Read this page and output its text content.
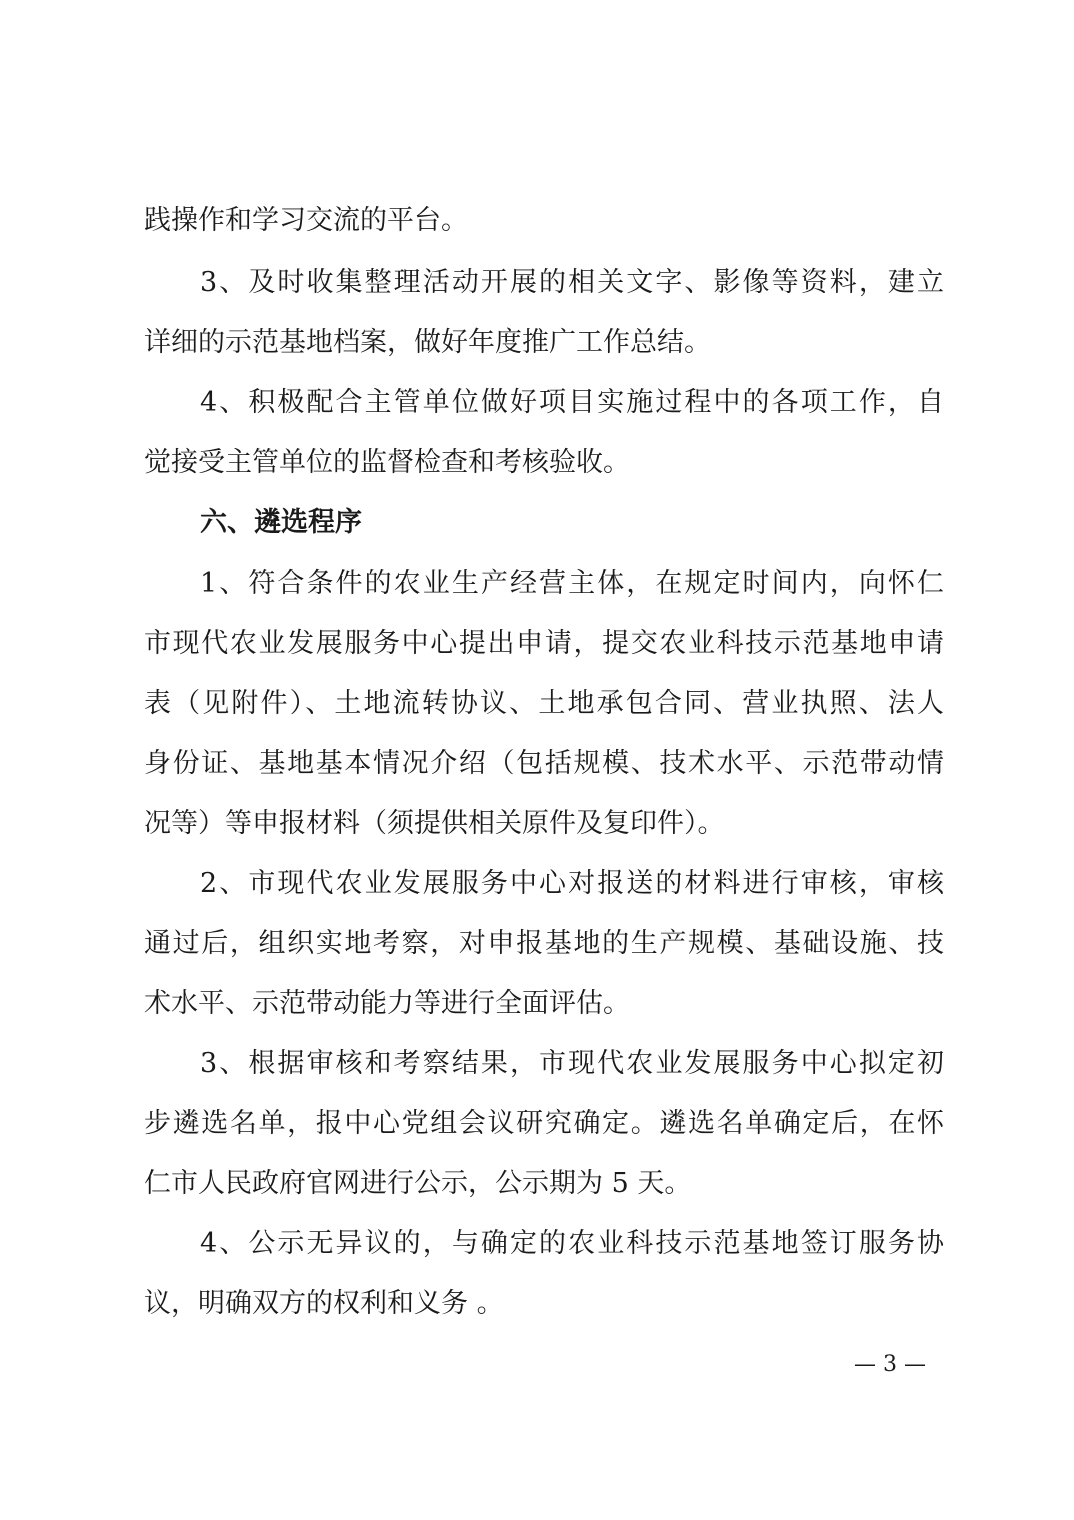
践操作和学习交流的平台。
3、及时收集整理活动开展的相关文字、影像等资料，建立
详细的示范基地档案，做好年度推广工作总结。
4、积极配合主管单位做好项目实施过程中的各项工作，自
觉接受主管单位的监督检查和考核验收。
六、遴选程序
1、符合条件的农业生产经营主体，在规定时间内，向怀仁
市现代农业发展服务中心提出申请，提交农业科技示范基地申请
表（见附件）、土地流转协议、土地承包合同、营业执照、法人
身份证、基地基本情况介绍（包括规模、技术水平、示范带动情
况等）等申报材料（须提供相关原件及复印件）。
2、市现代农业发展服务中心对报送的材料进行审核，审核
通过后，组织实地考察，对申报基地的生产规模、基础设施、技
术水平、示范带动能力等进行全面评估。
3、根据审核和考察结果，市现代农业发展服务中心拟定初
步遴选名单，报中心党组会议研究确定。遴选名单确定后，在怀
仁市人民政府官网进行公示，公示期为 5 天。
4、公示无异议的，与确定的农业科技示范基地签订服务协
议，明确双方的权利和义务 。
— 3 —
